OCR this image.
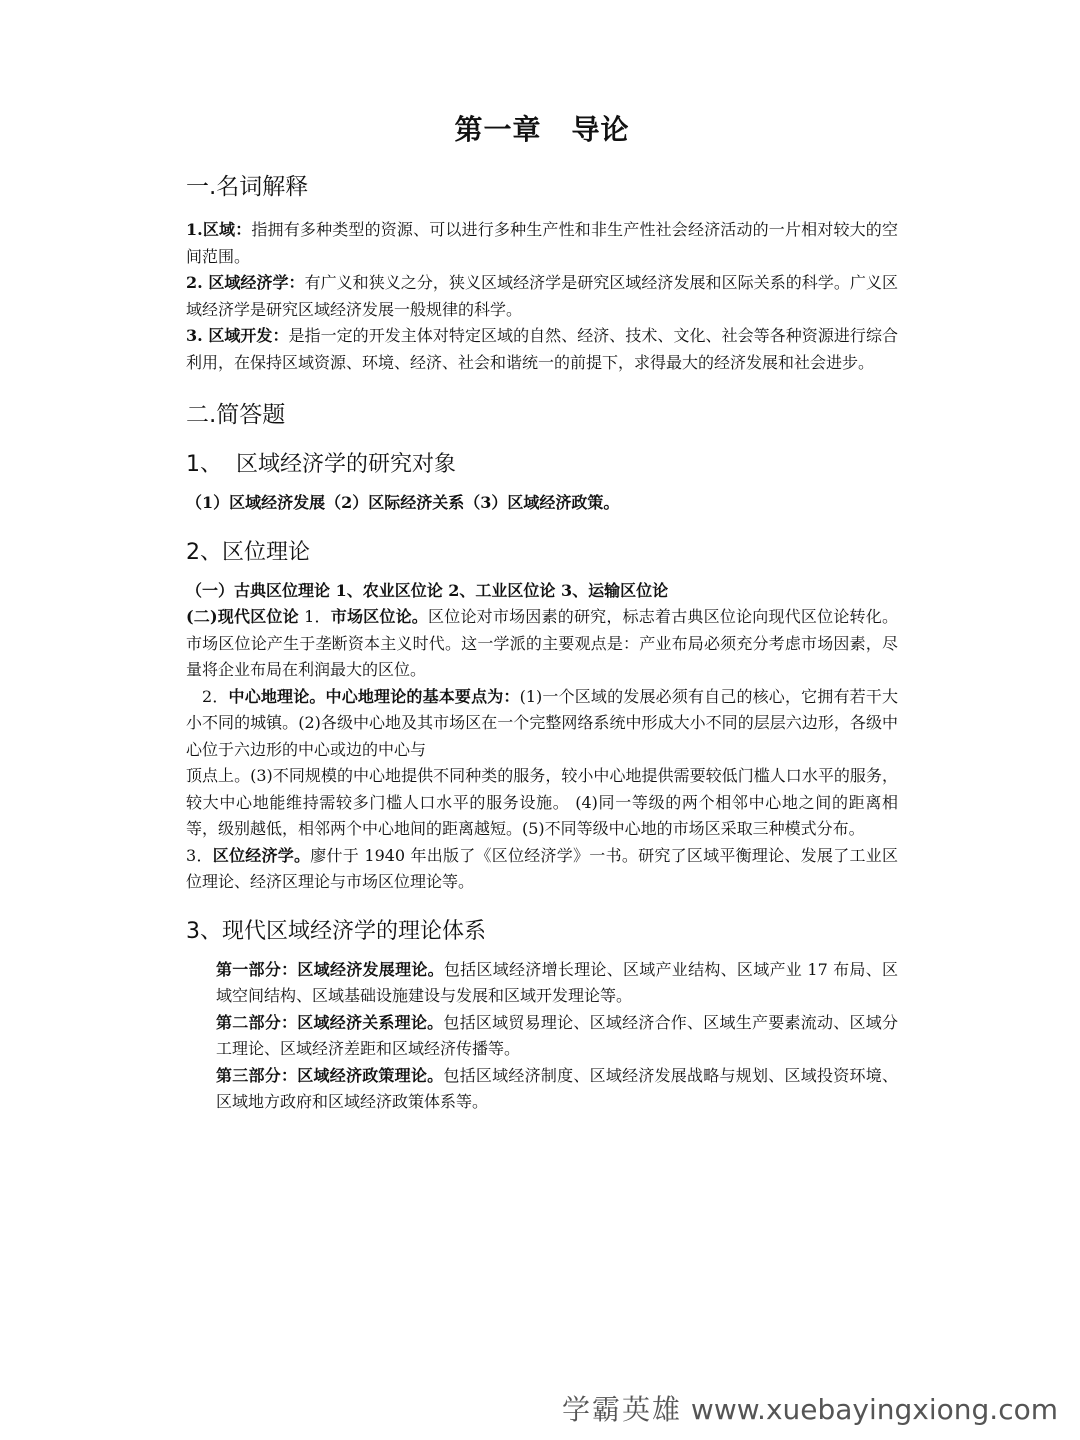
第一章 导论
一.名词解释

1.区域：指拥有多种类型的资源、可以进行多种生产性和非生产性社会经济活动的一片相对较大的空间范围。

2. 区域经济学：有广义和狭义之分，狭义区域经济学是研究区域经济发展和区际关系的科学。广义区域经济学是研究区域经济发展一般规律的科学。

3. 区域开发：是指一定的开发主体对特定区域的自然、经济、技术、文化、社会等各种资源进行综合利用，在保持区域资源、环境、经济、社会和谐统一的前提下，求得最大的经济发展和社会进步。

二.简答题
1、  区域经济学的研究对象

（1）区域经济发展（2）区际经济关系（3）区域经济政策。

2、区位理论

（一）古典区位理论 1、农业区位论 2、工业区位论 3、运输区位论

(二)现代区位论 1．市场区位论。区位论对市场因素的研究，标志着古典区位论向现代区位论转化。市场区位论产生于垄断资本主义时代。这一学派的主要观点是：产业布局必须充分考虑市场因素，尽量将企业布局在利润最大的区位。

2．中心地理论。中心地理论的基本要点为：(1)一个区域的发展必须有自己的核心，它拥有若干大小不同的城镇。(2)各级中心地及其市场区在一个完整网络系统中形成大小不同的层层六边形，各级中心位于六边形的中心或边的中心与

顶点上。(3)不同规模的中心地提供不同种类的服务，较小中心地提供需要较低门槛人口水平的服务，较大中心地能维持需较多门槛人口水平的服务设施。 (4)同一等级的两个相邻中心地之间的距离相等，级别越低，相邻两个中心地间的距离越短。(5)不同等级中心地的市场区采取三种模式分布。

3．区位经济学。廖什于 1940 年出版了《区位经济学》一书。研究了区域平衡理论、发展了工业区位理论、经济区理论与市场区位理论等。

3、现代区域经济学的理论体系

第一部分：区域经济发展理论。包括区域经济增长理论、区域产业结构、区域产业 17 布局、区域空间结构、区域基础设施建设与发展和区域开发理论等。

第二部分：区域经济关系理论。包括区域贸易理论、区域经济合作、区域生产要素流动、区域分工理论、区域经济差距和区域经济传播等。

第三部分：区域经济政策理论。包括区域经济制度、区域经济发展战略与规划、区域投资环境、区域地方政府和区域经济政策体系等。

学霸英雄 www.xuebayingxiong.com
